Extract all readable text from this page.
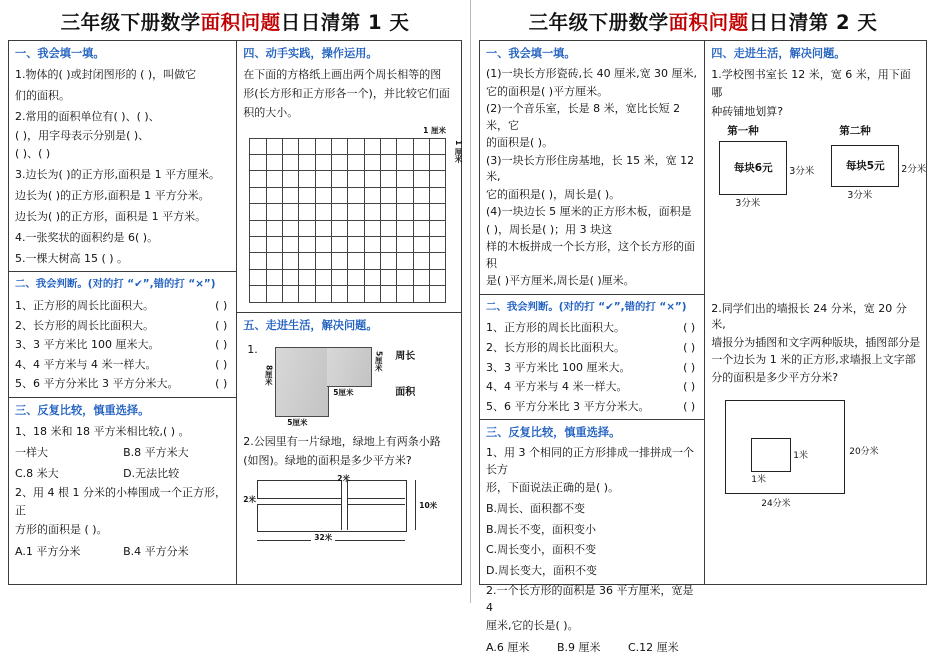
三年级下册数学面积问题日日清第 1 天
一、我会填一填。
1.物体的( )或封闭图形的 ( )，叫做它
们的面积。
2.常用的面积单位有( )、( )、
( )，用字母表示分别是( )、
( )、( )
3.边长为( )的正方形,面积是 1 平方厘米。
边长为( )的正方形,面积是 1 平方分米。
边长为( )的正方形，面积是 1 平方米。
4.一张奖状的面积约是 6( )。
5.一棵大树高 15 ( ) 。
二、我会判断。(对的打 “✔”,错的打 “×”)
1、正方形的周长比面积大。	( )
2、长方形的周长比面积大。	( )
3、3 平方米比 100 厘米大。	( )
4、4 平方米与 4 米一样大。	( )
5、6 平方分米比 3 平方分米大。	( )
三、反复比较，慎重选择。
1、18 米和 18 平方米相比较,( ) 。
一样大	B.8 平方米大
C.8 米大	D.无法比较
2、用 4 根 1 分米的小棒围成一个正方形，正
方形的面积是 ( )。
A.1 平方分米	B.4 平方分米
四、动手实践，操作运用。
在下面的方格纸上画出两个周长相等的图
形(长方形和正方形各一个)，并比较它们面
积的大小。
1 厘米
1 厘米
五、走进生活，解决问题。
1.
8厘米
5厘米
5厘米
5厘米
周长
面积
2.公园里有一片绿地，绿地上有两条小路
(如图)。绿地的面积是多少平方米?
2米
2米
10米
32米
三年级下册数学面积问题日日清第 2 天
一、我会填一填。
(1)一块长方形瓷砖,长 40 厘米,宽 30 厘米,
它的面积是( )平方厘米。
(2)一个音乐室，长是 8 米，宽比长短 2 米，它
的面积是( )。
(3)一块长方形住房基地，长 15 米，宽 12 米,
它的面积是( )，周长是( )。
(4)一块边长 5 厘米的正方形木板，面积是
( )，周长是( )；用 3 块这
样的木板拼成一个长方形，这个长方形的面积
是( )平方厘米,周长是( )厘米。
二、我会判断。(对的打 “✔”,错的打 “×”)
1、正方形的周长比面积大。	( )
2、长方形的周长比面积大。	( )
3、3 平方米比 100 厘米大。	( )
4、4 平方米与 4 米一样大。	( )
5、6 平方分米比 3 平方分米大。	( )
三、反复比较，慎重选择。
1、用 3 个相同的正方形排成一排拼成一个长方
形，下面说法正确的是( )。
B.周长、面积都不变
B.周长不变，面积变小
C.周长变小，面积不变
D.周长变大，面积不变
2.一个长方形的面积是 36 平方厘米，宽是 4
厘米,它的长是( )。
A.6 厘米	B.9 厘米	C.12 厘米
四、走进生活，解决问题。
1.学校图书室长 12 米，宽 6 米，用下面哪
种砖铺地划算?
第一种
每块6元
3分米
3分米
第二种
每块5元
3分米
2分米
2.同学们出的墙报长 24 分米，宽 20 分米,
墙报分为插图和文字两种版块，插图部分是
一个边长为 1 米的正方形,求墙报上文字部
分的面积是多少平方分米?
1米
1米
20分米
24分米
